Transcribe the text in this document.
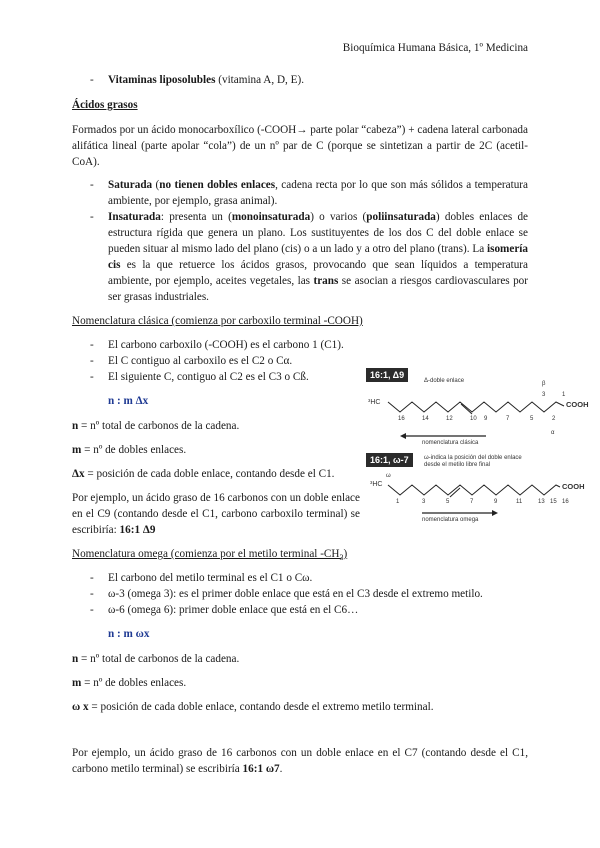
Bioquímica Humana Básica, 1º Medicina
- Vitaminas liposolubles (vitamina A, D, E).
Ácidos grasos
Formados por un ácido monocarboxílico (-COOH→ parte polar “cabeza”) + cadena lateral carbonada alifática lineal (parte apolar “cola”) de un nº par de C (porque se sintetizan a partir de 2C (acetil-CoA).
- Saturada (no tienen dobles enlaces, cadena recta por lo que son más sólidos a temperatura ambiente, por ejemplo, grasa animal).
- Insaturada: presenta un (monoinsaturada) o varios (poliinsaturada) dobles enlaces de estructura rígida que genera un plano. Los sustituyentes de los dos C del doble enlace se pueden situar al mismo lado del plano (cis) o a un lado y a otro del plano (trans). La isomería cis es la que retuerce los ácidos grasos, provocando que sean líquidos a temperatura ambiente, por ejemplo, aceites vegetales, las trans se asocian a riesgos cardiovasculares por ser grasas industriales.
Nomenclatura clásica (comienza por carboxilo terminal -COOH)
- El carbono carboxilo (-COOH) es el carbono 1 (C1).
- El C contiguo al carboxilo es el C2 o Cα.
- El siguiente C, contiguo al C2 es el C3 o Cß.
n : m Δx
n = nº total de carbonos de la cadena.
m = nº de dobles enlaces.
Δx = posición de cada doble enlace, contando desde el C1.
Por ejemplo, un ácido graso de 16 carbonos con un doble enlace en el C9 (contando desde el C1, carbono carboxilo terminal) se escribiría: 16:1 Δ9
16:1, Δ9
Δ-doble enlace
³HC	COOH
β
α
16	14	12	10 9	7	5
3
2
1
nomenclatura clásica
16:1, ω-7	ω-indica la posición del doble enlace
desde el metilo libre final
³HC
ω
COOH
1	3	5	7	9	11	13 15 16
nomenclatura omega
Nomenclatura omega (comienza por el metilo terminal $-CH_3$)
- El carbono del metilo terminal es el C1 o Cω.
- ω-3 (omega 3): es el primer doble enlace que está en el C3 desde el extremo metilo.
- ω-6 (omega 6): primer doble enlace que está en el C6…
n : m ωx
n = nº total de carbonos de la cadena.
m = nº de dobles enlaces.
ω x = posición de cada doble enlace, contando desde el extremo metilo terminal.
Por ejemplo, un ácido graso de 16 carbonos con un doble enlace en el C7 (contando desde el C1, carbono metilo terminal) se escribiría 16:1 ω7.
